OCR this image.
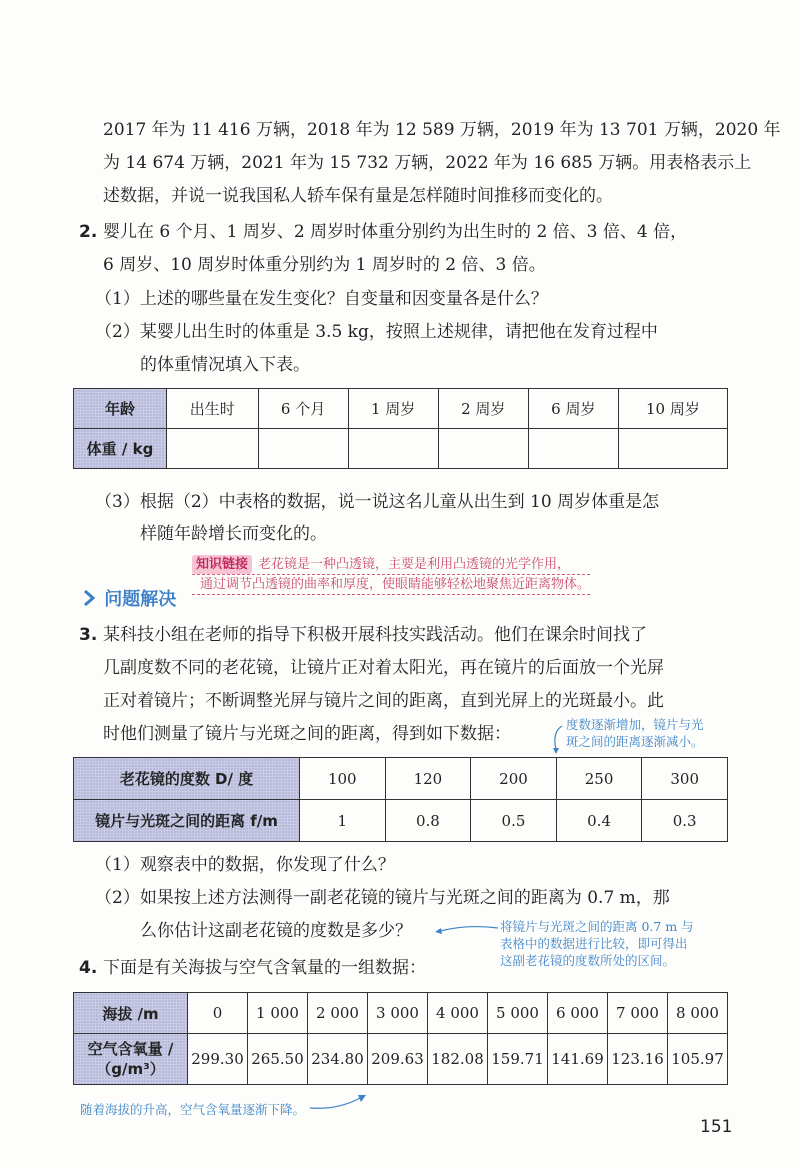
2017 年为 11 416 万辆，2018 年为 12 589 万辆，2019 年为 13 701 万辆，2020 年

为 14 674 万辆，2021 年为 15 732 万辆，2022 年为 16 685 万辆。用表格表示上

述数据，并说一说我国私人轿车保有量是怎样随时间推移而变化的。

2. 婴儿在 6 个月、1 周岁、2 周岁时体重分别约为出生时的 2 倍、3 倍、4 倍，

6 周岁、10 周岁时体重分别约为 1 周岁时的 2 倍、3 倍。

（1）上述的哪些量在发生变化？自变量和因变量各是什么？

（2）某婴儿出生时的体重是 3.5 kg，按照上述规律，请把他在发育过程中

的体重情况填入下表。

年龄	出生时	6 个月	1 周岁	2 周岁	6 周岁	10 周岁
体重 / kg						

（3）根据（2）中表格的数据，说一说这名儿童从出生到 10 周岁体重是怎

样随年龄增长而变化的。

知识链接 老花镜是一种凸透镜，主要是利用凸透镜的光学作用，
通过调节凸透镜的曲率和厚度，使眼睛能够轻松地聚焦近距离物体。
问题解决
3. 某科技小组在老师的指导下积极开展科技实践活动。他们在课余时间找了

几副度数不同的老花镜，让镜片正对着太阳光，再在镜片的后面放一个光屏

正对着镜片；不断调整光屏与镜片之间的距离，直到光屏上的光斑最小。此

时他们测量了镜片与光斑之间的距离，得到如下数据：	度数逐渐增加，镜片与光
斑之间的距离逐渐减小。
老花镜的度数 D/ 度	100	120	200	250	300
镜片与光斑之间的距离 f/m	1	0.8	0.5	0.4	0.3

（1）观察表中的数据，你发现了什么？

（2）如果按上述方法测得一副老花镜的镜片与光斑之间的距离为 0.7 m，那

么你估计这副老花镜的度数是多少？	将镜片与光斑之间的距离 0.7 m 与
表格中的数据进行比较，即可得出
这副老花镜的度数所处的区间。
4. 下面是有关海拔与空气含氧量的一组数据：

海拔 /m	0	1 000	2 000	3 000	4 000	5 000	6 000	7 000	8 000

空气含氧量 /
（g/m³）	299.30	265.50	234.80	209.63	182.08	159.71	141.69	123.16	105.97
随着海拔的升高，空气含氧量逐渐下降。
151
